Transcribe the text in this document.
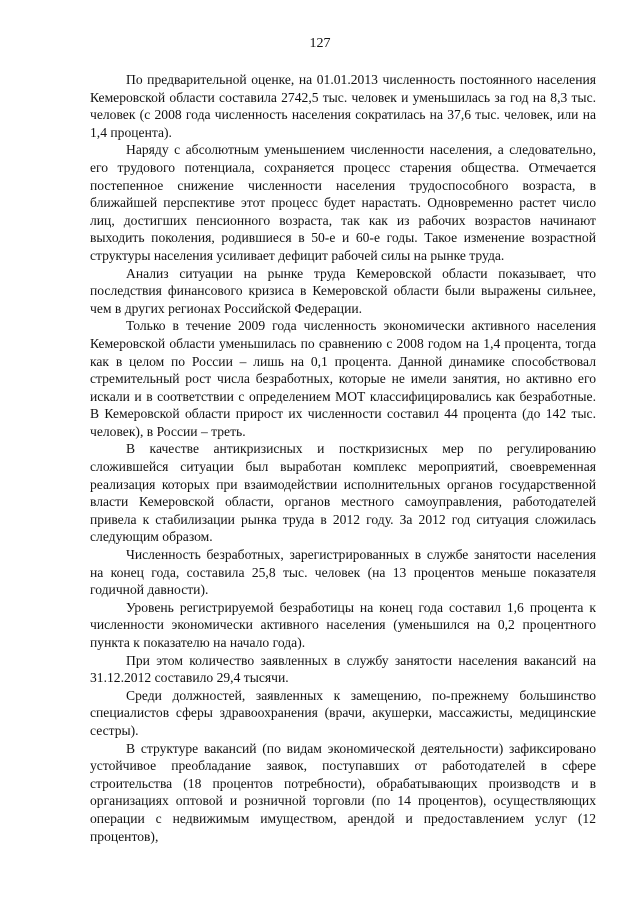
127

По предварительной оценке, на 01.01.2013 численность постоянного населения Кемеровской области составила 2742,5 тыс. человек и уменьшилась за год на 8,3 тыс. человек (с 2008 года численность населения сократилась на 37,6 тыс. человек, или на 1,4 процента).

Наряду с абсолютным уменьшением численности населения, а следовательно, его трудового потенциала, сохраняется процесс старения общества. Отмечается постепенное снижение численности населения трудоспособного возраста, в ближайшей перспективе этот процесс будет нарастать. Одновременно растет число лиц, достигших пенсионного возраста, так как из рабочих возрастов начинают выходить поколения, родившиеся в 50-е и 60-е годы. Такое изменение возрастной структуры населения усиливает дефицит рабочей силы на рынке труда.

Анализ ситуации на рынке труда Кемеровской области показывает, что последствия финансового кризиса в Кемеровской области были выражены сильнее, чем в других регионах Российской Федерации.

Только в течение 2009 года численность экономически активного населения Кемеровской области уменьшилась по сравнению с 2008 годом на 1,4 процента, тогда как в целом по России – лишь на 0,1 процента. Данной динамике способствовал стремительный рост числа безработных, которые не имели занятия, но активно его искали и в соответствии с определением МОТ классифицировались как безработные. В Кемеровской области прирост их численности составил 44 процента (до 142 тыс. человек), в России – треть.

В качестве антикризисных и посткризисных мер по регулированию сложившейся ситуации был выработан комплекс мероприятий, своевременная реализация которых при взаимодействии исполнительных органов государственной власти Кемеровской области, органов местного самоуправления, работодателей привела к стабилизации рынка труда в 2012 году. За 2012 год ситуация сложилась следующим образом.

Численность безработных, зарегистрированных в службе занятости населения на конец года, составила 25,8 тыс. человек (на 13 процентов меньше показателя годичной давности).

Уровень регистрируемой безработицы на конец года составил 1,6 процента к численности экономически активного населения (уменьшился на 0,2 процентного пункта к показателю на начало года).

При этом количество заявленных в службу занятости населения вакансий на 31.12.2012 составило 29,4 тысячи.

Среди должностей, заявленных к замещению, по-прежнему большинство специалистов сферы здравоохранения (врачи, акушерки, массажисты, медицинские сестры).

В структуре вакансий (по видам экономической деятельности) зафиксировано устойчивое преобладание заявок, поступавших от работодателей в сфере строительства (18 процентов потребности), обрабатывающих производств и в организациях оптовой и розничной торговли (по 14 процентов), осуществляющих операции с недвижимым имуществом, арендой и предоставлением услуг (12 процентов),
